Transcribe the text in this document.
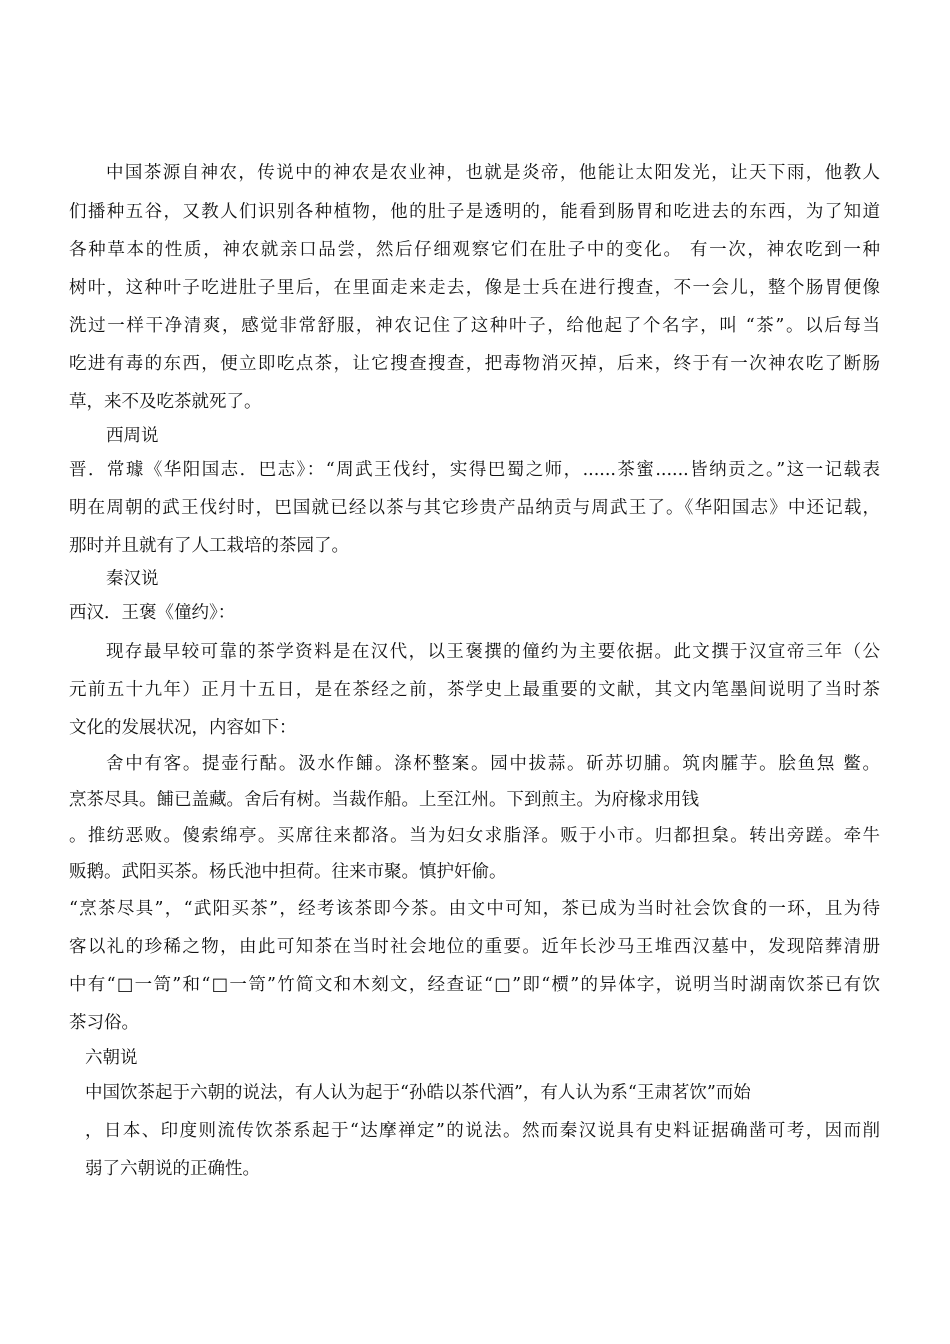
中国茶源自神农，传说中的神农是农业神，也就是炎帝，他能让太阳发光，让天下雨，他教人
们播种五谷，又教人们识别各种植物，他的肚子是透明的，能看到肠胃和吃进去的东西，为了知道
各种草本的性质，神农就亲口品尝，然后仔细观察它们在肚子中的变化。 有一次，神农吃到一种
树叶，这种叶子吃进肚子里后，在里面走来走去，像是士兵在进行搜查，不一会儿，整个肠胃便像
洗过一样干净清爽，感觉非常舒服，神农记住了这种叶子，给他起了个名字，叫 “茶”。以后每当
吃进有毒的东西，便立即吃点茶，让它搜查搜查，把毒物消灭掉，后来，终于有一次神农吃了断肠
草，来不及吃茶就死了。
西周说
晋．常璩《华阳国志．巴志》：“周武王伐纣，实得巴蜀之师，......茶蜜......皆纳贡之。”这一记载表
明在周朝的武王伐纣时，巴国就已经以茶与其它珍贵产品纳贡与周武王了。《华阳国志》中还记载，
那时并且就有了人工栽培的茶园了。
秦汉说
西汉．王褒《僮约》：
现存最早较可靠的茶学资料是在汉代，以王褒撰的僮约为主要依据。此文撰于汉宣帝三年（公
元前五十九年）正月十五日，是在茶经之前，茶学史上最重要的文献，其文内笔墨间说明了当时茶
文化的发展状况，内容如下：
舍中有客。提壶行酤。汲水作餔。涤杯整案。园中拔蒜。斫苏切脯。筑肉臛芋。脍鱼炰 鳖。
烹茶尽具。餔已盖藏。舍后有树。当裁作船。上至江州。下到煎主。为府椽求用钱
。推纺恶败。傻索绵亭。买席往来都洛。当为妇女求脂泽。贩于小市。归都担枲。转出旁蹉。牵牛
贩鹅。武阳买茶。杨氏池中担荷。往来市聚。慎护奸偷。
“烹茶尽具”，“武阳买茶”，经考该茶即今茶。由文中可知，茶已成为当时社会饮食的一环，且为待
客以礼的珍稀之物，由此可知茶在当时社会地位的重要。近年长沙马王堆西汉墓中，发现陪葬清册
中有“□一笥”和“□一笥”竹简文和木刻文，经查证“□”即“槚”的异体字，说明当时湖南饮茶已有饮
茶习俗。
六朝说
中国饮茶起于六朝的说法，有人认为起于“孙皓以茶代酒”，有人认为系“王肃茗饮”而始
，日本、印度则流传饮茶系起于“达摩禅定”的说法。然而秦汉说具有史料证据确凿可考，因而削
弱了六朝说的正确性。
